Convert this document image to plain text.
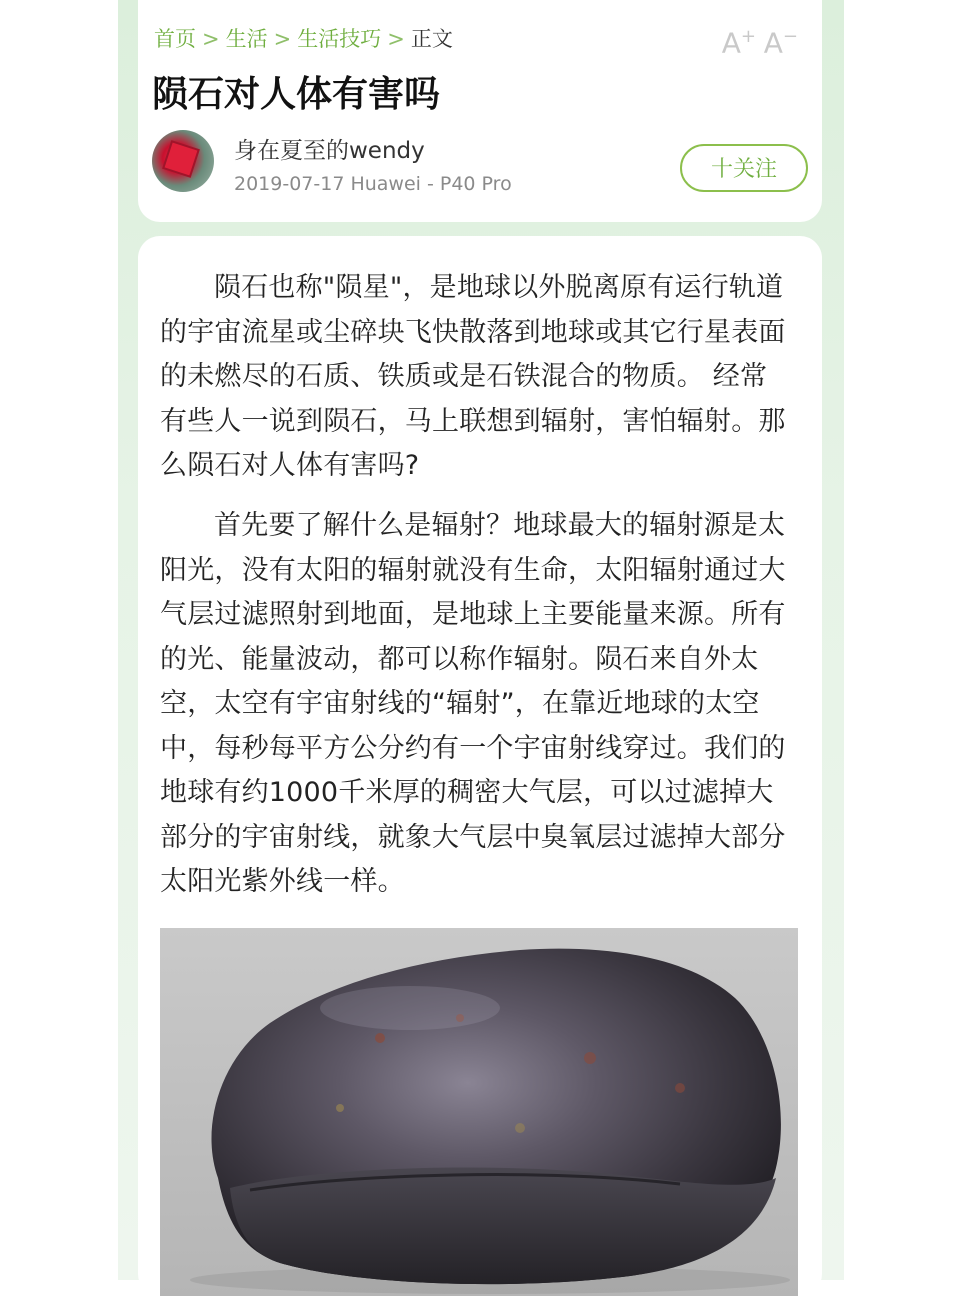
首页 > 生活 > 生活技巧 > 正文	A+ A−
陨石对人体有害吗
身在夏至的wendy
2019-07-17 Huawei - P40 Pro
十关注

陨石也称"陨星"，是地球以外脱离原有运行轨道的宇宙流星或尘碎块飞快散落到地球或其它行星表面的未燃尽的石质、铁质或是石铁混合的物质。 经常有些人一说到陨石，马上联想到辐射，害怕辐射。那么陨石对人体有害吗?

首先要了解什么是辐射？地球最大的辐射源是太阳光，没有太阳的辐射就没有生命，太阳辐射通过大气层过滤照射到地面，是地球上主要能量来源。所有的光、能量波动，都可以称作辐射。陨石来自外太空，太空有宇宙射线的“辐射”，在靠近地球的太空中，每秒每平方公分约有一个宇宙射线穿过。我们的地球有约1000千米厚的稠密大气层，可以过滤掉大部分的宇宙射线，就象大气层中臭氧层过滤掉大部分太阳光紫外线一样。
